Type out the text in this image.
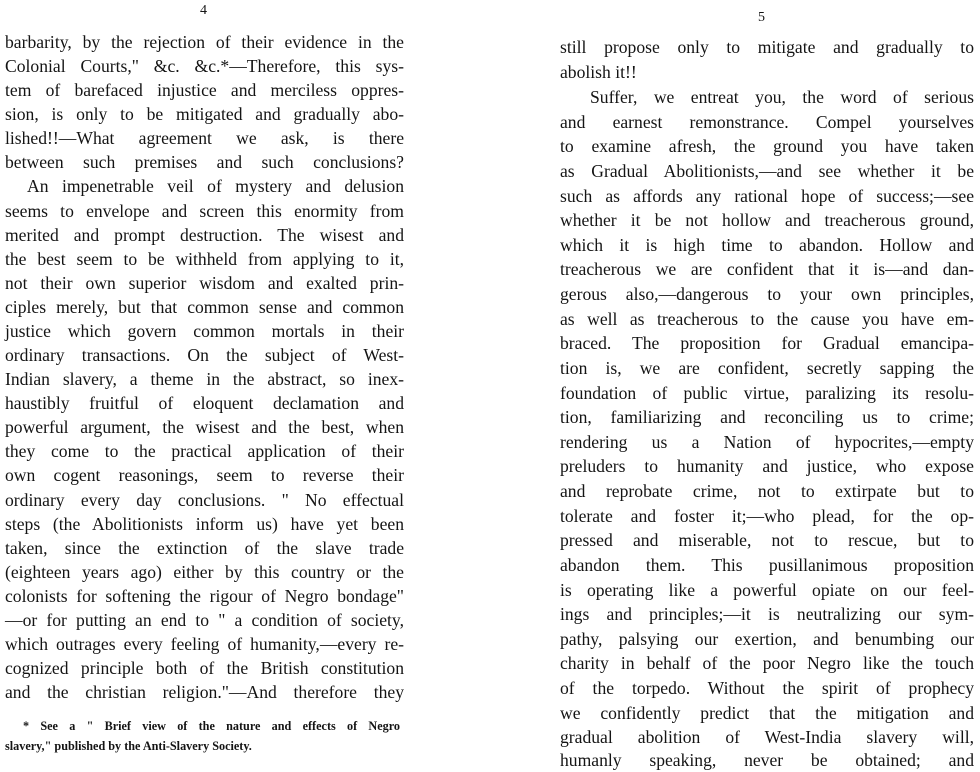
4
barbarity, by the rejection of their evidence in the
Colonial Courts," &c. &c.*—Therefore, this sys-
tem of barefaced injustice and merciless oppres-
sion, is only to be mitigated and gradually abo-
lished!!—What agreement we ask, is there
between such premises and such conclusions?
An impenetrable veil of mystery and delusion
seems to envelope and screen this enormity from
merited and prompt destruction. The wisest and
the best seem to be withheld from applying to it,
not their own superior wisdom and exalted prin-
ciples merely, but that common sense and common
justice which govern common mortals in their
ordinary transactions. On the subject of West-
Indian slavery, a theme in the abstract, so inex-
haustibly fruitful of eloquent declamation and
powerful argument, the wisest and the best, when
they come to the practical application of their
own cogent reasonings, seem to reverse their
ordinary every day conclusions. " No effectual
steps (the Abolitionists inform us) have yet been
taken, since the extinction of the slave trade
(eighteen years ago) either by this country or the
colonists for softening the rigour of Negro bondage"
—or for putting an end to " a condition of society,
which outrages every feeling of humanity,—every re-
cognized principle both of the British constitution
and the christian religion."—And therefore they
* See a " Brief view of the nature and effects of Negro
slavery," published by the Anti-Slavery Society.
5
still propose only to mitigate and gradually to
abolish it!!
Suffer, we entreat you, the word of serious
and earnest remonstrance. Compel yourselves
to examine afresh, the ground you have taken
as Gradual Abolitionists,—and see whether it be
such as affords any rational hope of success;—see
whether it be not hollow and treacherous ground,
which it is high time to abandon. Hollow and
treacherous we are confident that it is—and dan-
gerous also,—dangerous to your own principles,
as well as treacherous to the cause you have em-
braced. The proposition for Gradual emancipa-
tion is, we are confident, secretly sapping the
foundation of public virtue, paralizing its resolu-
tion, familiarizing and reconciling us to crime;
rendering us a Nation of hypocrites,—empty
preluders to humanity and justice, who expose
and reprobate crime, not to extirpate but to
tolerate and foster it;—who plead, for the op-
pressed and miserable, not to rescue, but to
abandon them. This pusillanimous proposition
is operating like a powerful opiate on our feel-
ings and principles;—it is neutralizing our sym-
pathy, palsying our exertion, and benumbing our
charity in behalf of the poor Negro like the touch
of the torpedo. Without the spirit of prophecy
we confidently predict that the mitigation and
gradual abolition of West-India slavery will,
humanly speaking, never be obtained; and
